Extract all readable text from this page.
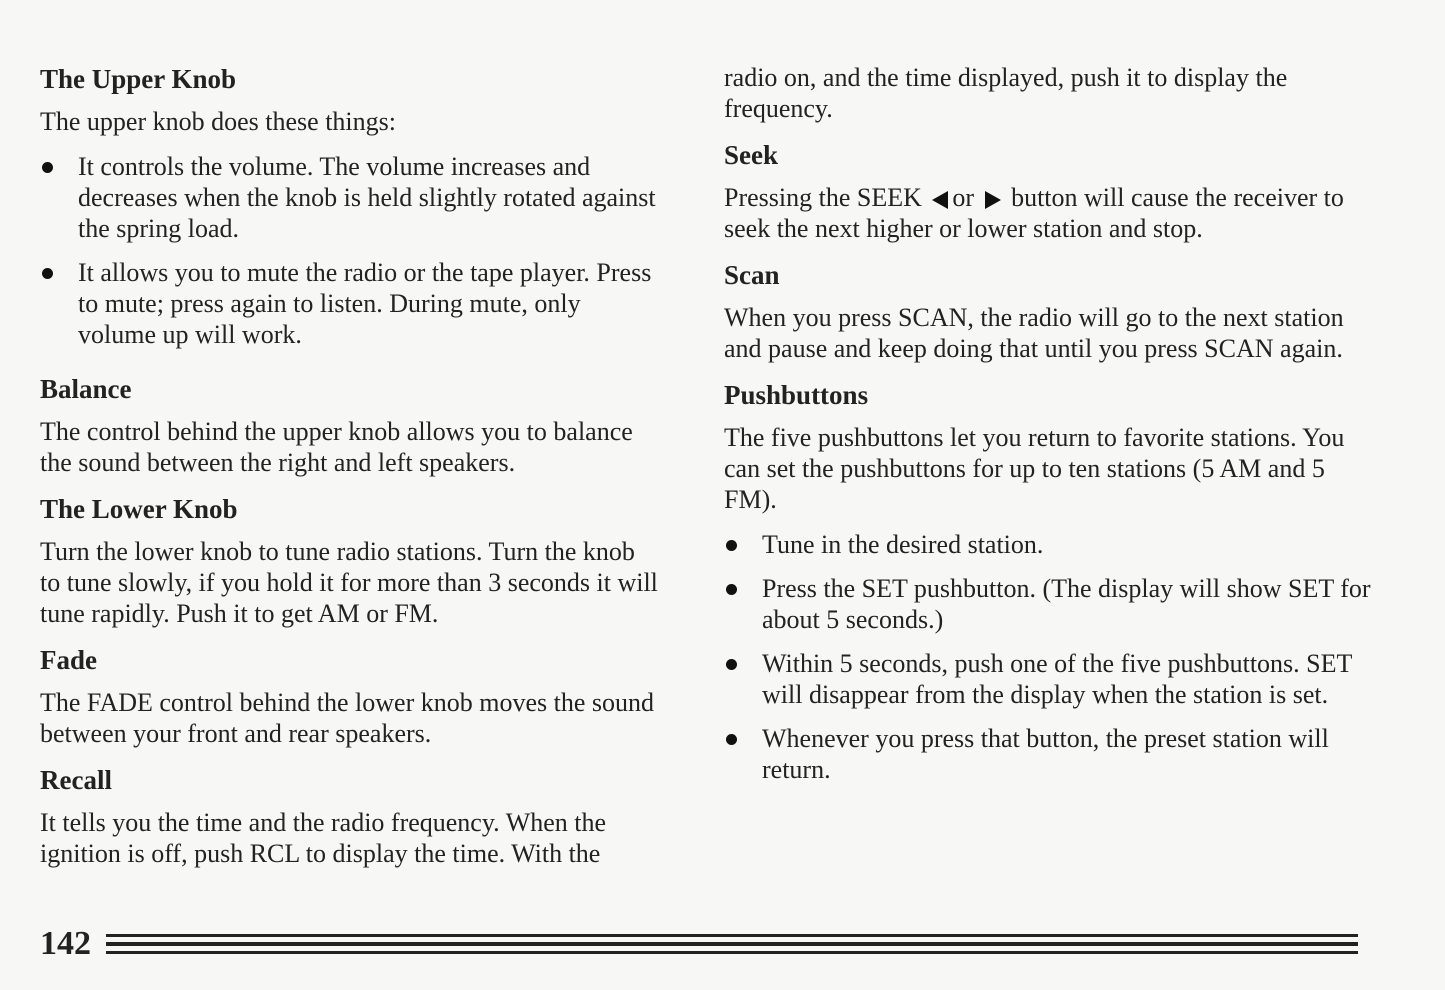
The Upper Knob

The upper knob does these things:

It controls the volume. The volume increases and decreases when the knob is held slightly rotated against the spring load.
It allows you to mute the radio or the tape player. Press to mute; press again to listen. During mute, only volume up will work.
Balance

The control behind the upper knob allows you to balance the sound between the right and left speakers.

The Lower Knob

Turn the lower knob to tune radio stations. Turn the knob to tune slowly, if you hold it for more than 3 seconds it will tune rapidly. Push it to get AM or FM.

Fade

The FADE control behind the lower knob moves the sound between your front and rear speakers.

Recall

It tells you the time and the radio frequency. When the ignition is off, push RCL to display the time. With the

radio on, and the time displayed, push it to display the frequency.

Seek

Pressing the SEEK or button will cause the receiver to seek the next higher or lower station and stop.

Scan

When you press SCAN, the radio will go to the next station and pause and keep doing that until you press SCAN again.

Pushbuttons

The five pushbuttons let you return to favorite stations. You can set the pushbuttons for up to ten stations (5 AM and 5 FM).

Tune in the desired station.
Press the SET pushbutton. (The display will show SET for about 5 seconds.)
Within 5 seconds, push one of the five pushbuttons. SET will disappear from the display when the station is set.
Whenever you press that button, the preset station will return.
142
